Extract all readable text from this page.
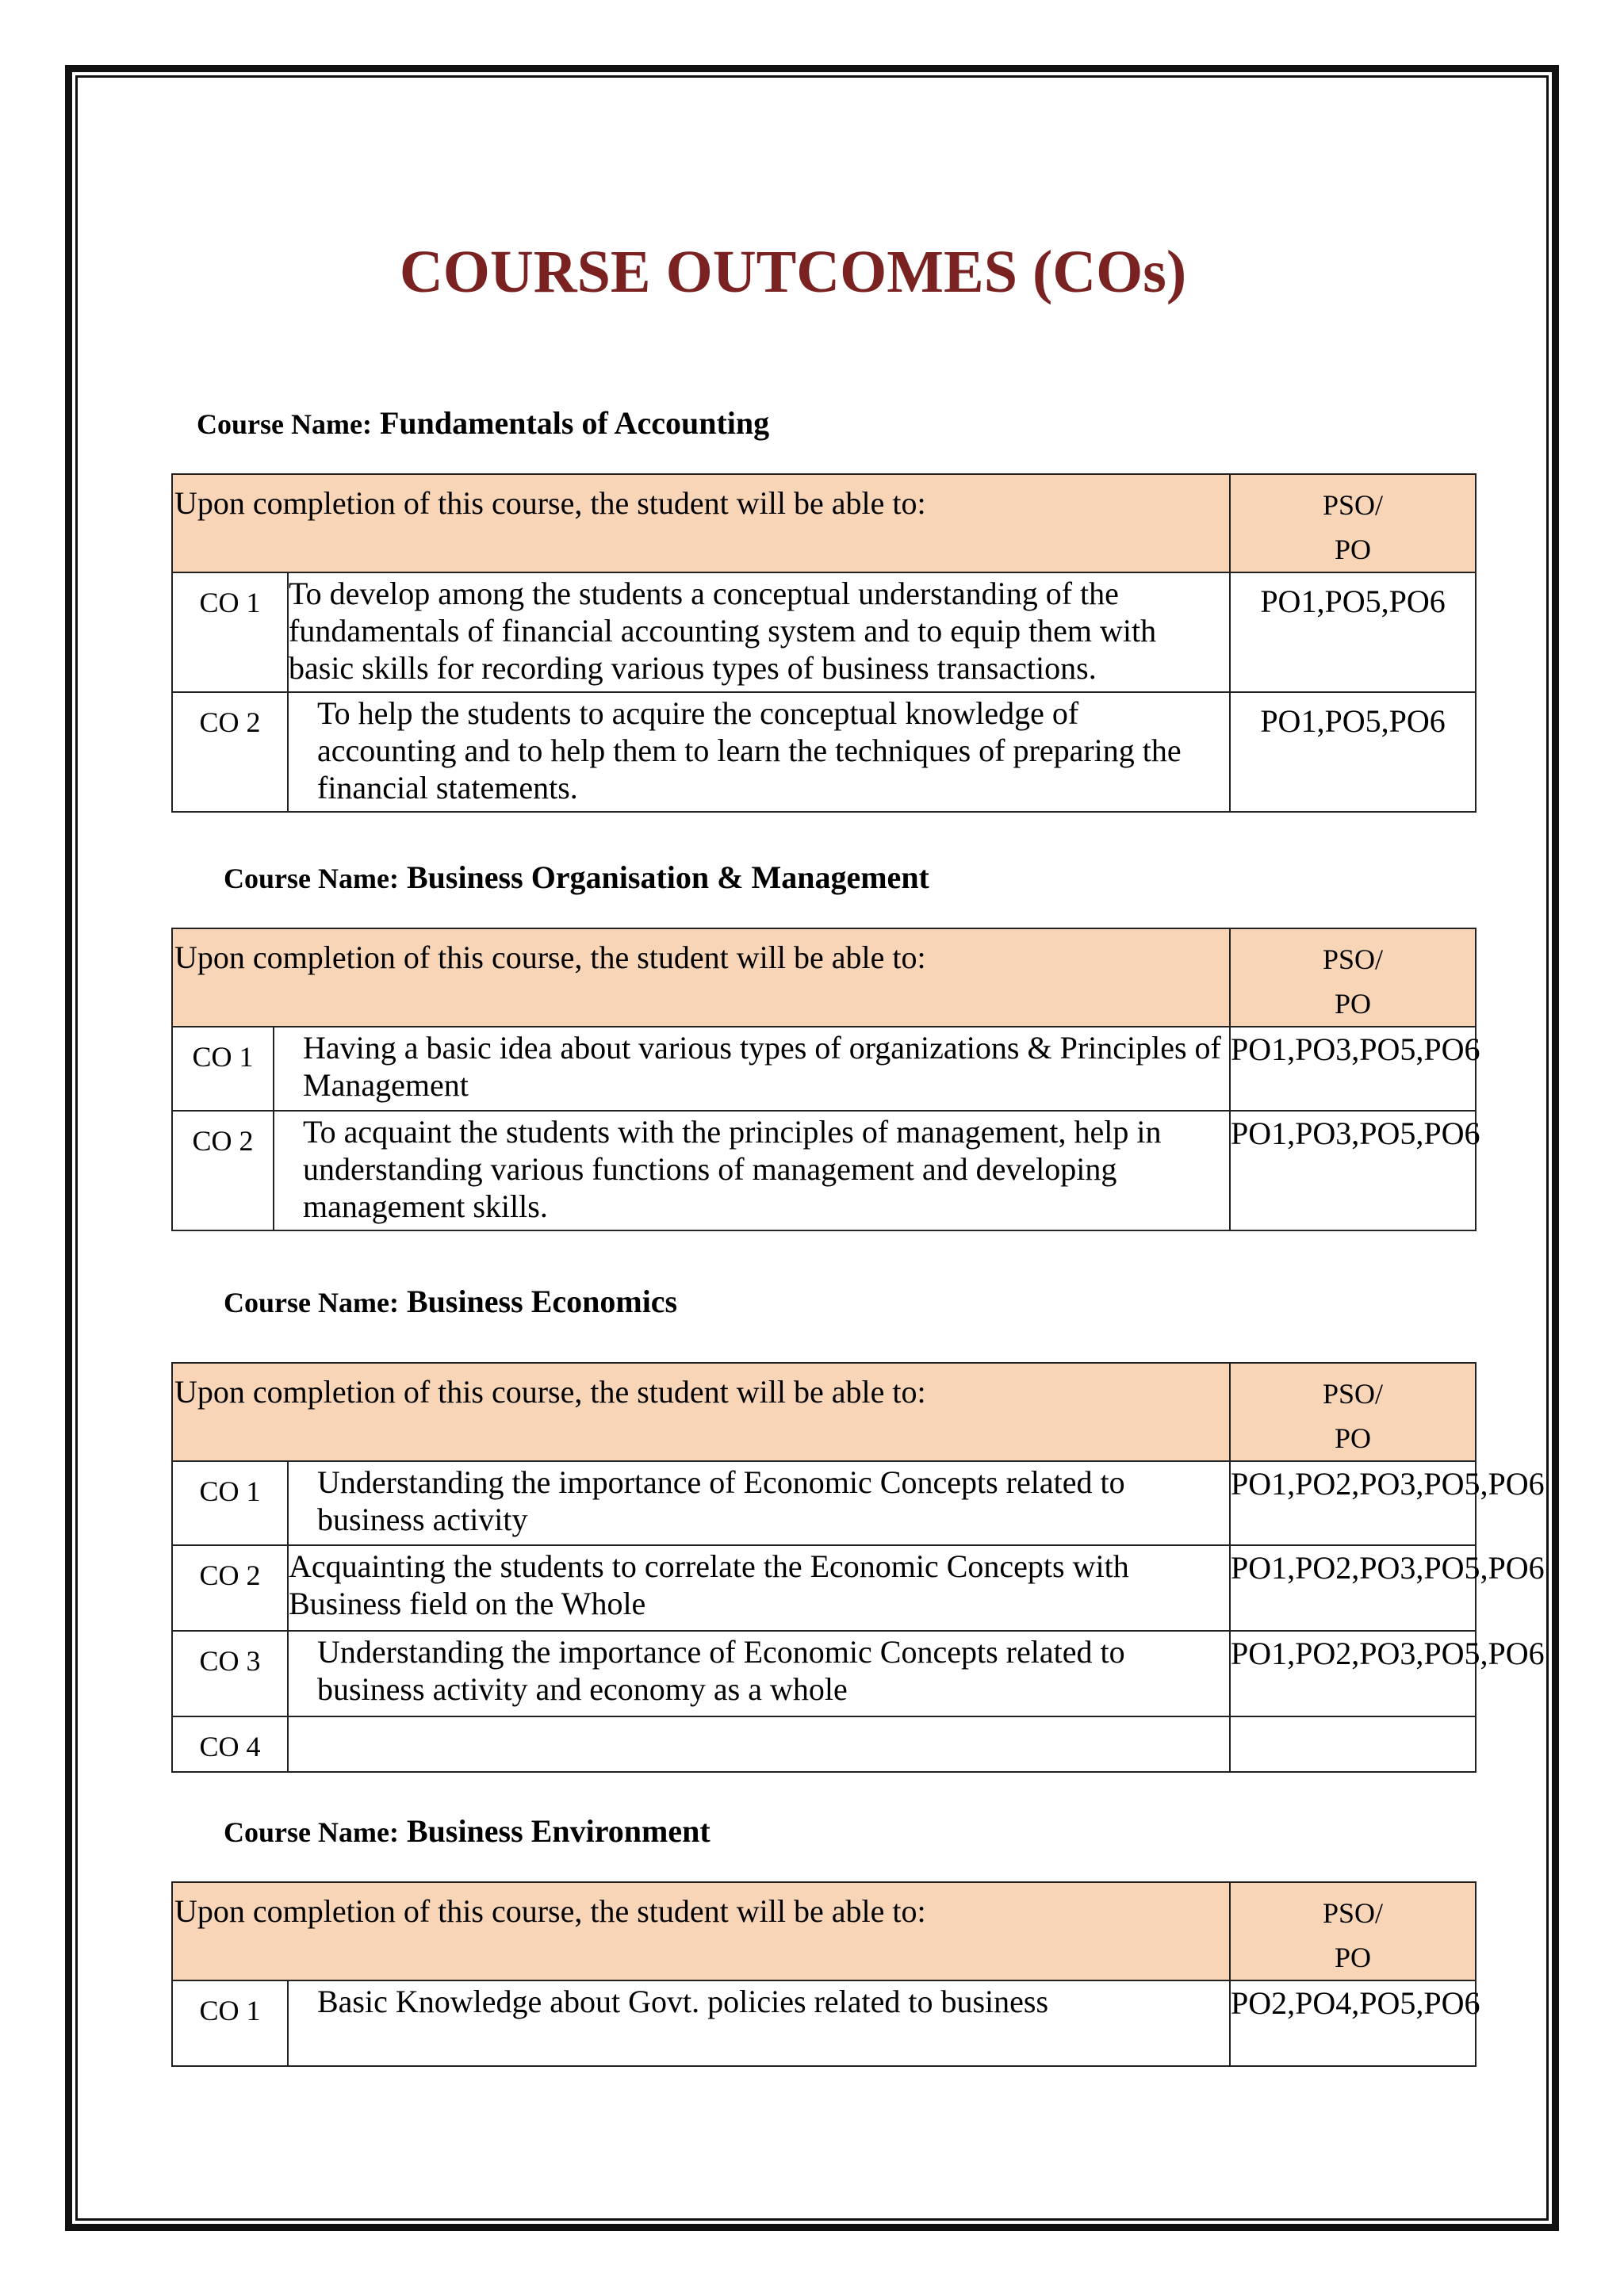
COURSE OUTCOMES (COs)
Course Name: Fundamentals of Accounting
Upon completion of this course, the student will be able to:		PSO/
PO

CO 1	To develop among the students a conceptual understanding of the fundamentals of financial accounting system and to equip them with basic skills for recording various types of business transactions.	PO1,PO5,PO6

CO 2	To help the students to acquire the conceptual knowledge of accounting and to help them to learn the techniques of preparing the financial statements.	PO1,PO5,PO6
Course Name: Business Organisation & Management
Upon completion of this course, the student will be able to:		PSO/
PO

CO 1	Having a basic idea about various types of organizations & Principles of Management	PO1,PO3,PO5,PO6

CO 2	To acquaint the students with the principles of management, help in understanding various functions of management and developing management skills.	PO1,PO3,PO5,PO6
Course Name: Business Economics
Upon completion of this course, the student will be able to:		PSO/
PO

CO 1	Understanding the importance of Economic Concepts related to business activity	PO1,PO2,PO3,PO5,PO6

CO 2	Acquainting the students to correlate the Economic Concepts with Business field on the Whole	PO1,PO2,PO3,PO5,PO6

CO 3	Understanding the importance of Economic Concepts related to business activity and economy as a whole	PO1,PO2,PO3,PO5,PO6

CO 4		

Course Name: Business Environment
Upon completion of this course, the student will be able to:		PSO/
PO

CO 1	Basic Knowledge about Govt. policies related to business	PO2,PO4,PO5,PO6
